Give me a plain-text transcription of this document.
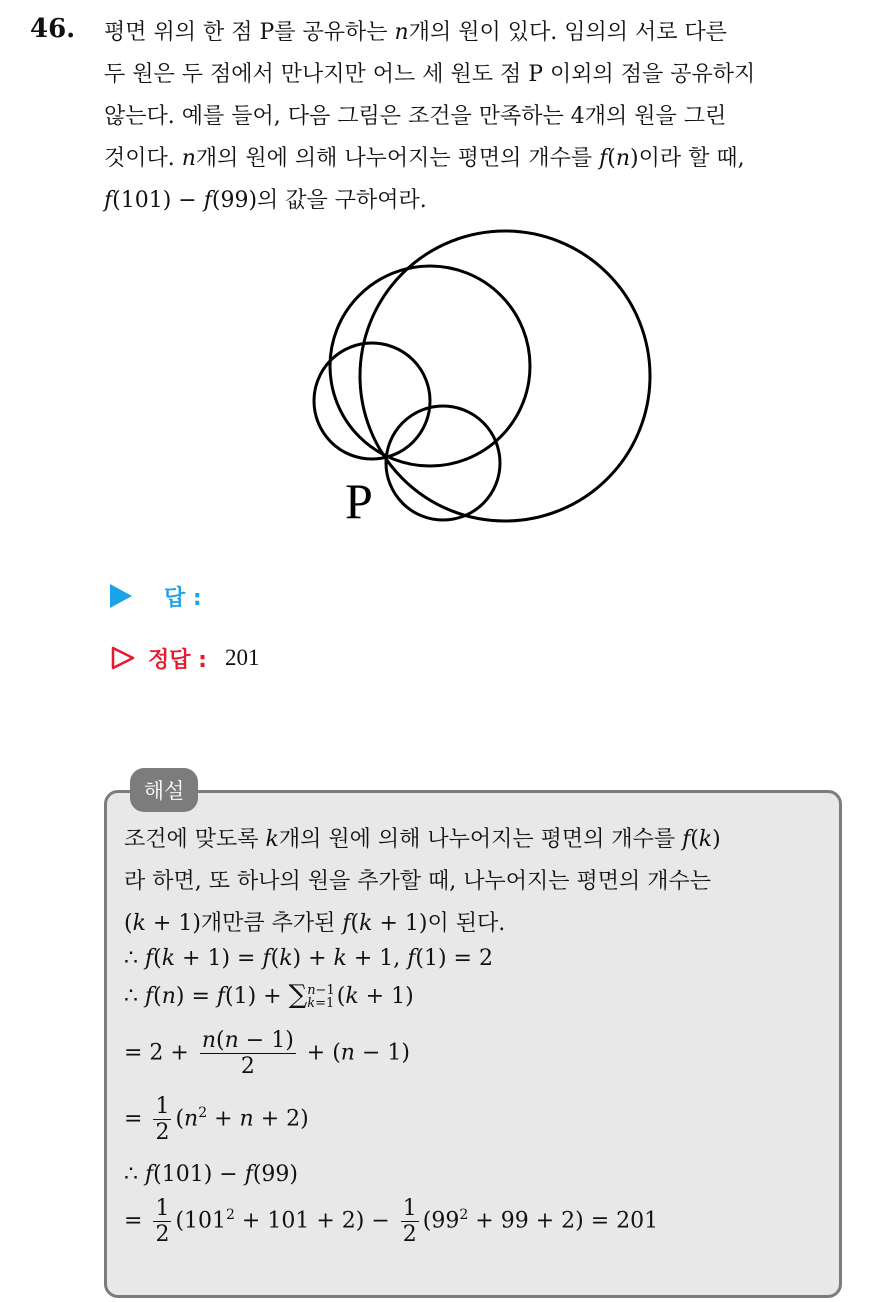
46. 평면 위의 한 점 P를 공유하는 𝑛개의 원이 있다. 임의의 서로 다른
두 원은 두 점에서 만나지만 어느 세 원도 점 P 이외의 점을 공유하지
않는다. 예를 들어, 다음 그림은 조건을 만족하는 4개의 원을 그린
것이다. 𝑛개의 원에 의해 나누어지는 평면의 개수를 𝑓(𝑛)이라 할 때,
𝑓(101) − 𝑓(99)의 값을 구하여라.
P
답 :
정답 : 201
해설
조건에 맞도록 𝑘개의 원에 의해 나누어지는 평면의 개수를 𝑓(𝑘)
라 하면, 또 하나의 원을 추가할 때, 나누어지는 평면의 개수는
(𝑘 + 1)개만큼 추가된 𝑓(𝑘 + 1)이 된다.
∴ 𝑓(𝑘 + 1) = 𝑓(𝑘) + 𝑘 + 1, 𝑓(1) = 2
∴ 𝑓(𝑛) = 𝑓(1) + ∑ 𝑛−1
𝑘=1 (𝑘 + 1)
= $2 + \frac{\text{𝑛(𝑛 − 1)}}{2}$ + (𝑛 − 1)
= $\frac{1}{2}$ (𝑛$^2$ + 𝑛 + 2)
∴ 𝑓(101) − 𝑓(99)
= $\frac{1}{2} (101^2 + 101 + 2) - \frac{1}{2} (99^2 + 99 + 2) = 201$
